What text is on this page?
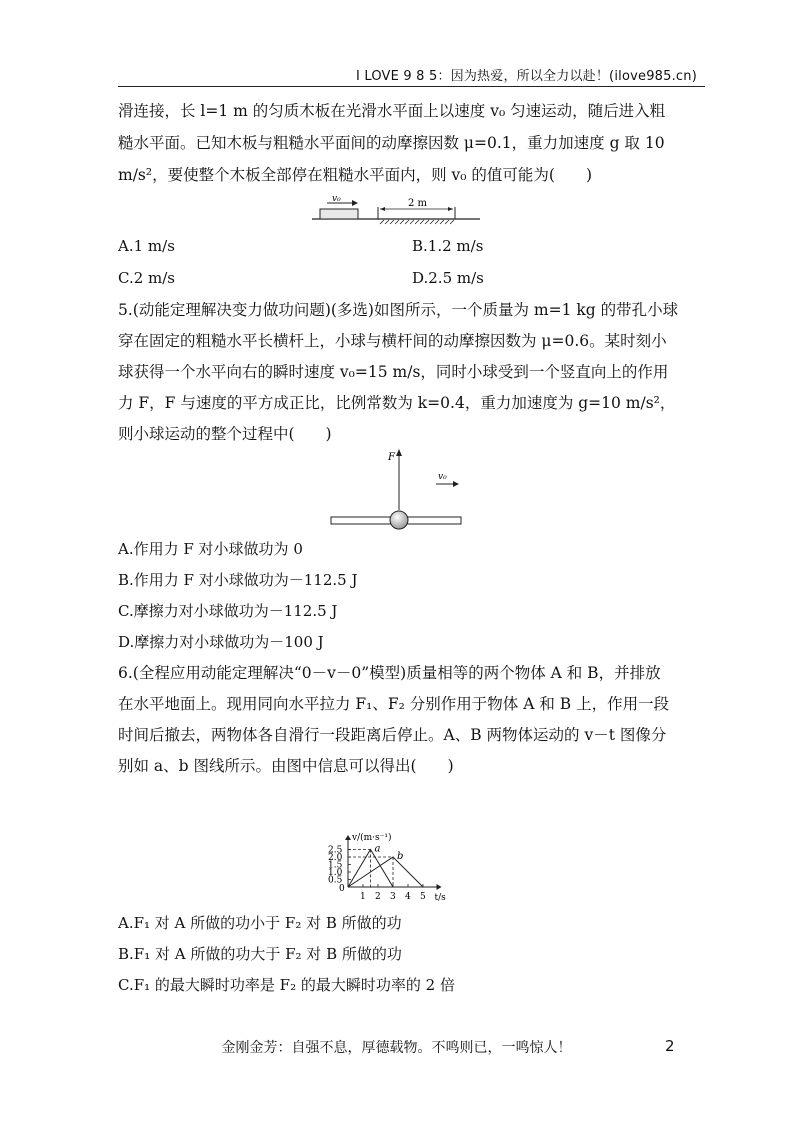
I LOVE 9 8 5：因为热爱，所以全力以赴！(ilove985.cn)
滑连接，长 l=1 m 的匀质木板在光滑水平面上以速度 v₀ 匀速运动，随后进入粗
糙水平面。已知木板与粗糙水平面间的动摩擦因数 μ=0.1，重力加速度 g 取 10
m/s²，要使整个木板全部停在粗糙水平面内，则 v₀ 的值可能为(　　)
v₀	2 m
A.1 m/s	B.1.2 m/s
C.2 m/s	D.2.5 m/s
5.(动能定理解决变力做功问题)(多选)如图所示，一个质量为 m=1 kg 的带孔小球
穿在固定的粗糙水平长横杆上，小球与横杆间的动摩擦因数为 μ=0.6。某时刻小
球获得一个水平向右的瞬时速度 v₀=15 m/s，同时小球受到一个竖直向上的作用
力 F，F 与速度的平方成正比，比例常数为 k=0.4，重力加速度为 g=10 m/s²，
则小球运动的整个过程中(　　)
F
v₀
A.作用力 F 对小球做功为 0
B.作用力 F 对小球做功为－112.5 J
C.摩擦力对小球做功为－112.5 J
D.摩擦力对小球做功为－100 J
6.(全程应用动能定理解决“0－v－0”模型)质量相等的两个物体 A 和 B，并排放
在水平地面上。现用同向水平拉力 F₁、F₂ 分别作用于物体 A 和 B 上，作用一段
时间后撤去，两物体各自滑行一段距离后停止。A、B 两物体运动的 v－t 图像分
别如 a、b 图线所示。由图中信息可以得出(　　)
v/(m·s⁻¹)
t/s
0
1 2 3 4 5
0.5
1.0
1.5
2.0
2.5	a
b
A.F₁ 对 A 所做的功小于 F₂ 对 B 所做的功
B.F₁ 对 A 所做的功大于 F₂ 对 B 所做的功
C.F₁ 的最大瞬时功率是 F₂ 的最大瞬时功率的 2 倍
金刚金芳：自强不息，厚德载物。不鸣则已，一鸣惊人！	2
